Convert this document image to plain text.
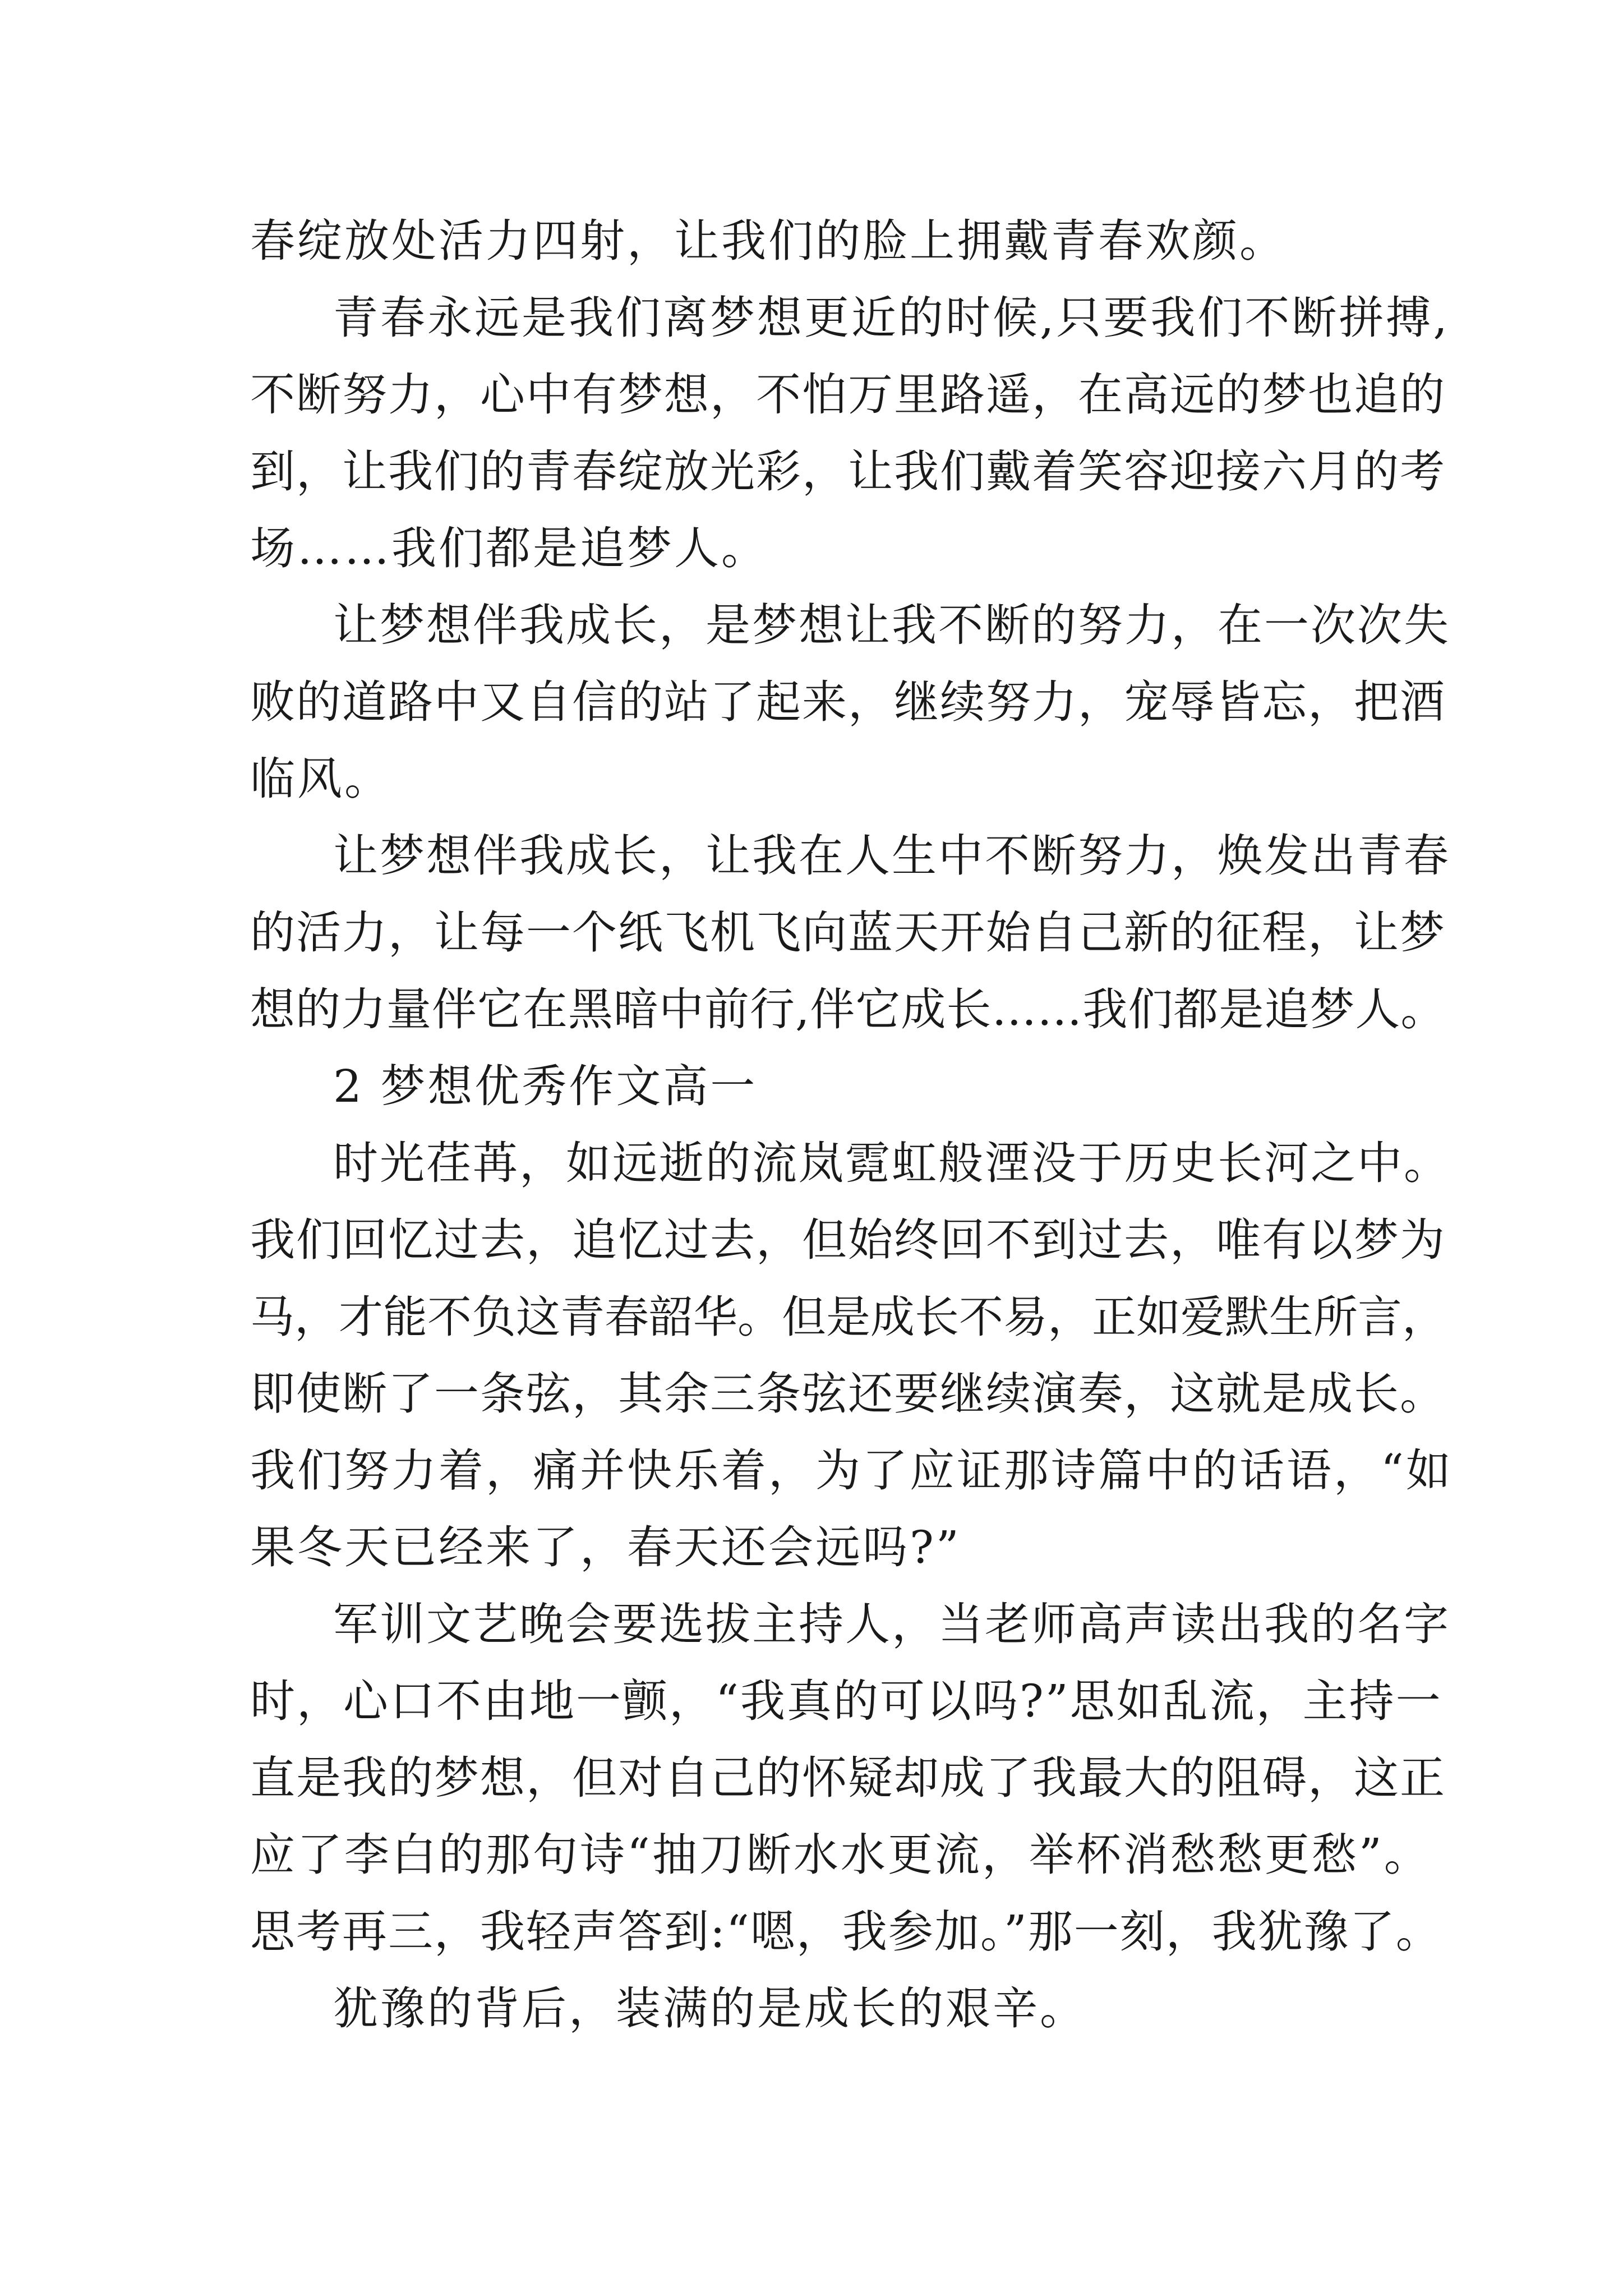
春绽放处活力四射，让我们的脸上拥戴青春欢颜。
青春永远是我们离梦想更近的时候,只要我们不断拼搏,
不断努力，心中有梦想，不怕万里路遥，在高远的梦也追的
到，让我们的青春绽放光彩，让我们戴着笑容迎接六月的考
场……我们都是追梦人。
让梦想伴我成长，是梦想让我不断的努力，在一次次失
败的道路中又自信的站了起来，继续努力，宠辱皆忘，把酒
临风。
让梦想伴我成长，让我在人生中不断努力，焕发出青春
的活力，让每一个纸飞机飞向蓝天开始自己新的征程，让梦
想的力量伴它在黑暗中前行,伴它成长……我们都是追梦人。
2 梦想优秀作文高一
时光荏苒，如远逝的流岚霓虹般湮没于历史长河之中。
我们回忆过去，追忆过去，但始终回不到过去，唯有以梦为
马，才能不负这青春韶华。但是成长不易，正如爱默生所言，
即使断了一条弦，其余三条弦还要继续演奏，这就是成长。
我们努力着，痛并快乐着，为了应证那诗篇中的话语，“如
果冬天已经来了，春天还会远吗?”
军训文艺晚会要选拔主持人，当老师高声读出我的名字
时，心口不由地一颤，“我真的可以吗?”思如乱流，主持一
直是我的梦想，但对自己的怀疑却成了我最大的阻碍，这正
应了李白的那句诗“抽刀断水水更流，举杯消愁愁更愁”。
思考再三，我轻声答到:“嗯，我参加。”那一刻，我犹豫了。
犹豫的背后，装满的是成长的艰辛。
